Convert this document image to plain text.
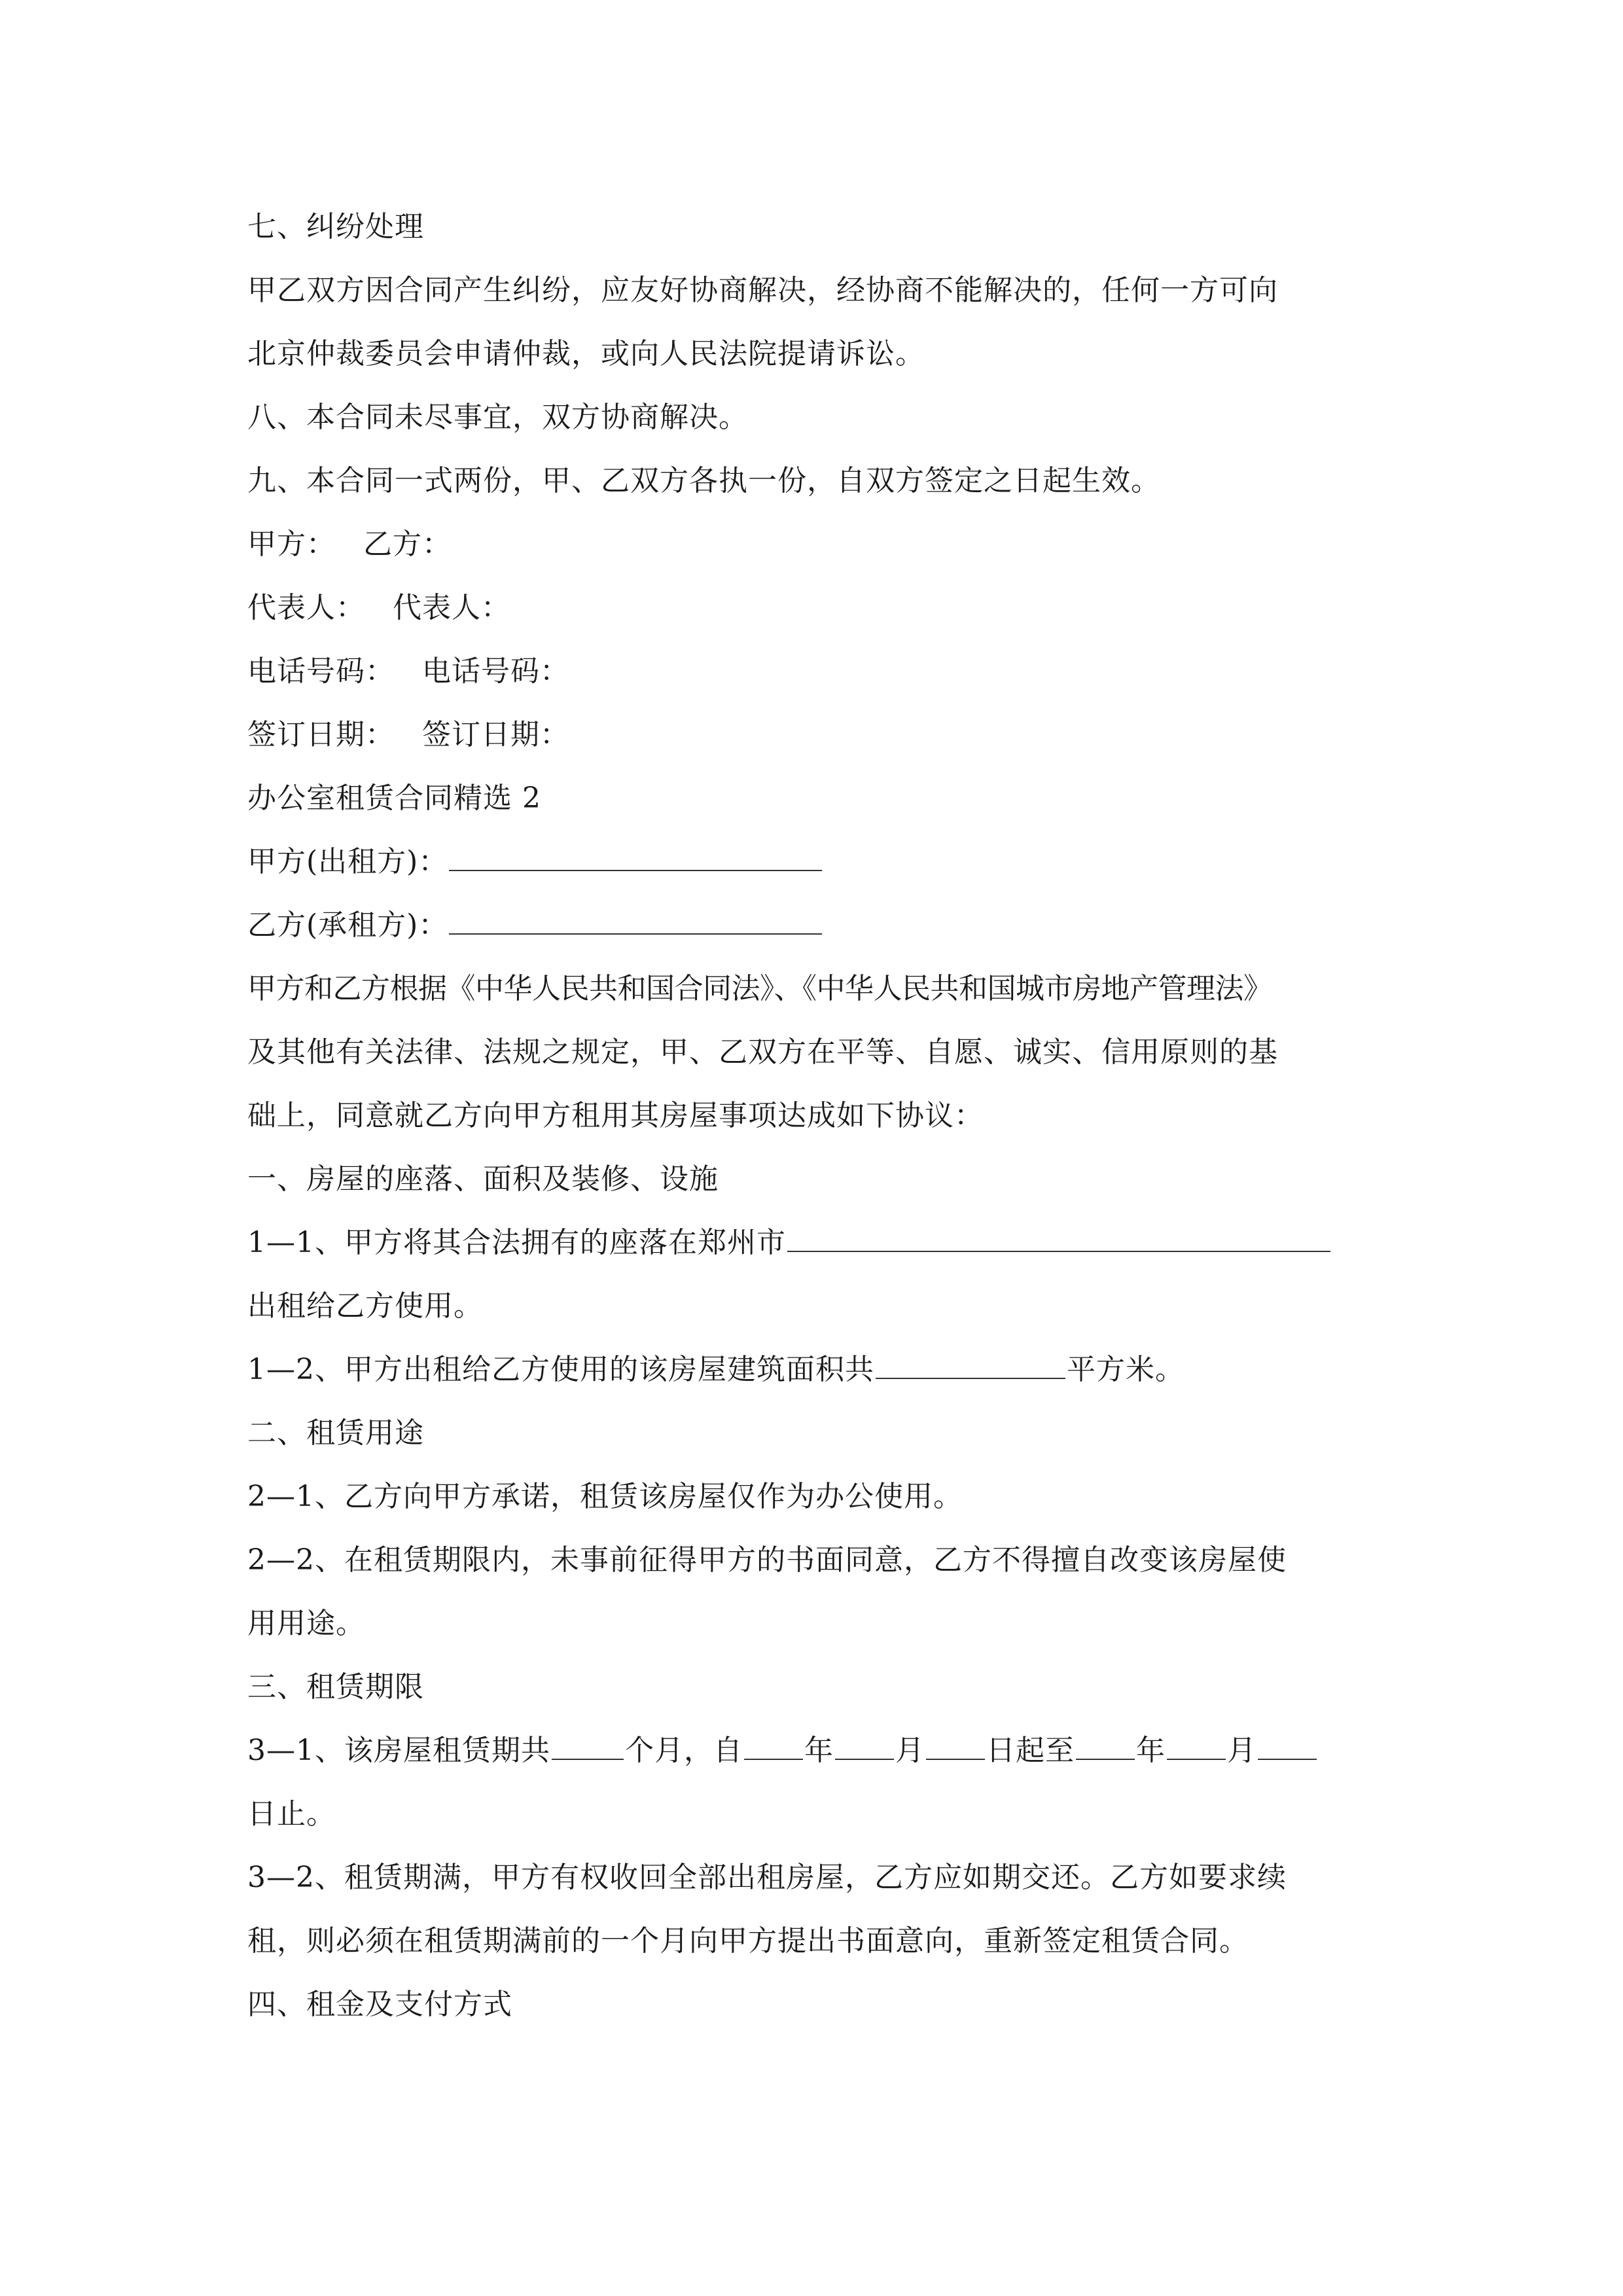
七、纠纷处理
甲乙双方因合同产生纠纷，应友好协商解决，经协商不能解决的，任何一方可向
北京仲裁委员会申请仲裁，或向人民法院提请诉讼。
八、本合同未尽事宜，双方协商解决。
九、本合同一式两份，甲、乙双方各执一份，自双方签定之日起生效。
甲方： 乙方：
代表人： 代表人：
电话号码： 电话号码：
签订日期： 签订日期：
办公室租赁合同精选 2
甲方(出租方)：
乙方(承租方)：
甲方和乙方根据《中华人民共和国合同法》、《中华人民共和国城市房地产管理法》
及其他有关法律、法规之规定，甲、乙双方在平等、自愿、诚实、信用原则的基
础上，同意就乙方向甲方租用其房屋事项达成如下协议：
一、房屋的座落、面积及装修、设施
1—1、甲方将其合法拥有的座落在郑州市
出租给乙方使用。
1—2、甲方出租给乙方使用的该房屋建筑面积共	平方米。
二、租赁用途
2—1、乙方向甲方承诺，租赁该房屋仅作为办公使用。
2—2、在租赁期限内，未事前征得甲方的书面同意，乙方不得擅自改变该房屋使
用用途。
三、租赁期限
3—1、该房屋租赁期共	个月，自 年 月 日起至 年 月
日止。
3—2、租赁期满，甲方有权收回全部出租房屋，乙方应如期交还。乙方如要求续
租，则必须在租赁期满前的一个月向甲方提出书面意向，重新签定租赁合同。
四、租金及支付方式
